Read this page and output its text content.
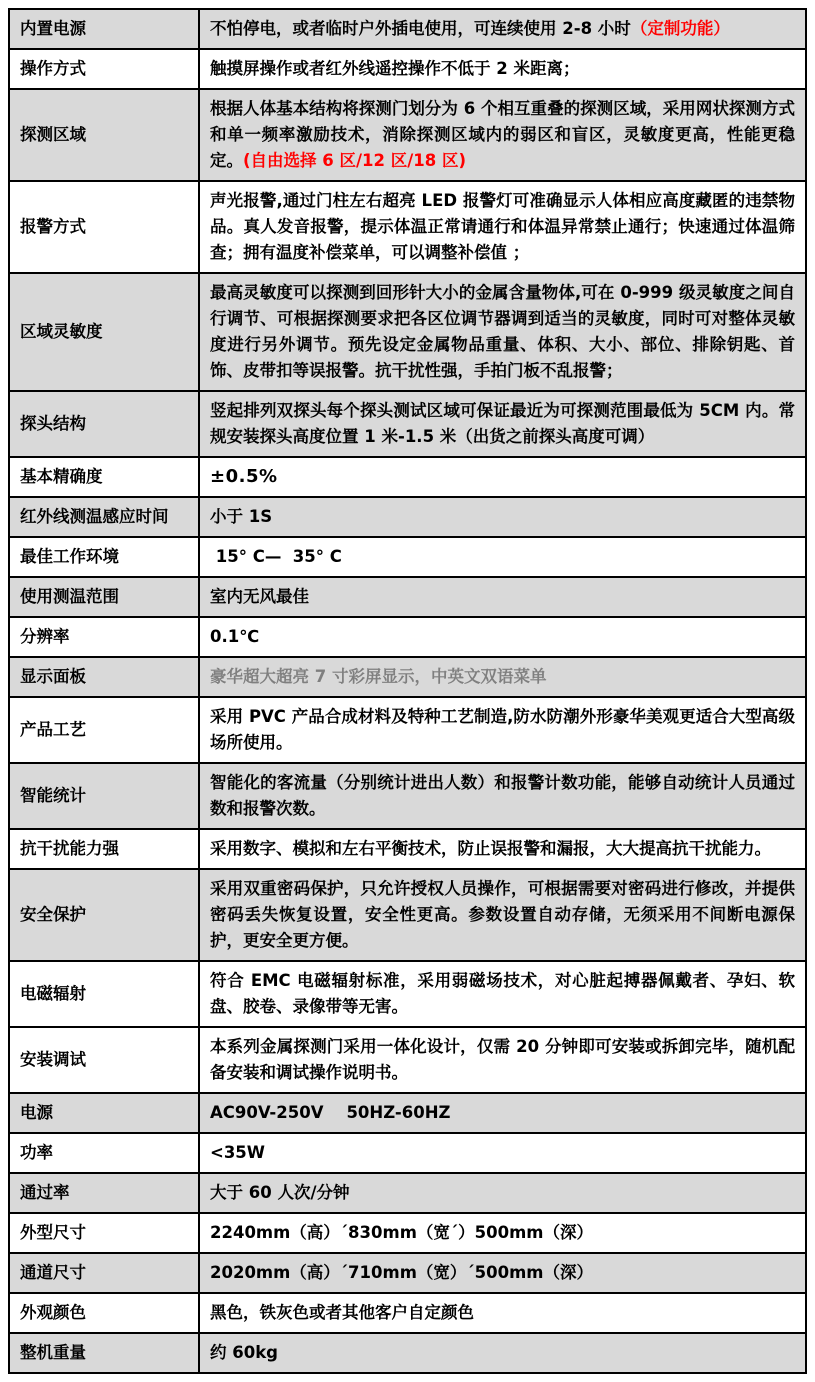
内置电源	不怕停电，或者临时户外插电使用，可连续使用 2-8 小时（定制功能）
操作方式	触摸屏操作或者红外线遥控操作不低于 2 米距离；
探测区域	根据人体基本结构将探测门划分为 6 个相互重叠的探测区域，采用网状探测方式和单一频率激励技术，消除探测区域内的弱区和盲区，灵敏度更高，性能更稳定。(自由选择 6 区/12 区/18 区)
报警方式	声光报警,通过门柱左右超亮 LED 报警灯可准确显示人体相应高度藏匿的违禁物品。真人发音报警，提示体温正常请通行和体温异常禁止通行；快速通过体温筛查；拥有温度补偿菜单，可以调整补偿值 ；
区域灵敏度	最高灵敏度可以探测到回形针大小的金属含量物体,可在 0-999 级灵敏度之间自行调节、可根据探测要求把各区位调节器调到适当的灵敏度，同时可对整体灵敏度进行另外调节。预先设定金属物品重量、体积、大小、部位、排除钥匙、首饰、皮带扣等误报警。抗干扰性强，手拍门板不乱报警；
探头结构	竖起排列双探头每个探头测试区域可保证最近为可探测范围最低为 5CM 内。常规安装探头高度位置 1 米-1.5 米（出货之前探头高度可调）
基本精确度	±0.5%
红外线测温感应时间	小于 1S
最佳工作环境	15° C—  35° C
使用测温范围	室内无风最佳
分辨率	0.1℃
显示面板	豪华超大超亮 7 寸彩屏显示，中英文双语菜单
产品工艺	采用 PVC 产品合成材料及特种工艺制造,防水防潮外形豪华美观更适合大型高级场所使用。
智能统计	智能化的客流量（分别统计进出人数）和报警计数功能，能够自动统计人员通过数和报警次数。
抗干扰能力强	采用数字、模拟和左右平衡技术，防止误报警和漏报，大大提高抗干扰能力。
安全保护	采用双重密码保护，只允许授权人员操作，可根据需要对密码进行修改，并提供密码丢失恢复设置，安全性更高。参数设置自动存储，无须采用不间断电源保护，更安全更方便。
电磁辐射	符合 EMC 电磁辐射标准，采用弱磁场技术，对心脏起搏器佩戴者、孕妇、软盘、胶卷、录像带等无害。
安装调试	本系列金属探测门采用一体化设计，仅需 20 分钟即可安装或拆卸完毕，随机配备安装和调试操作说明书。
电源	AC90V-250V    50HZ-60HZ
功率	<35W
通过率	大于 60 人次/分钟
外型尺寸	2240mm（高）´830mm（宽´）500mm（深）
通道尺寸	2020mm（高）´710mm（宽）´500mm（深）
外观颜色	黑色，铁灰色或者其他客户自定颜色
整机重量	约 60kg
